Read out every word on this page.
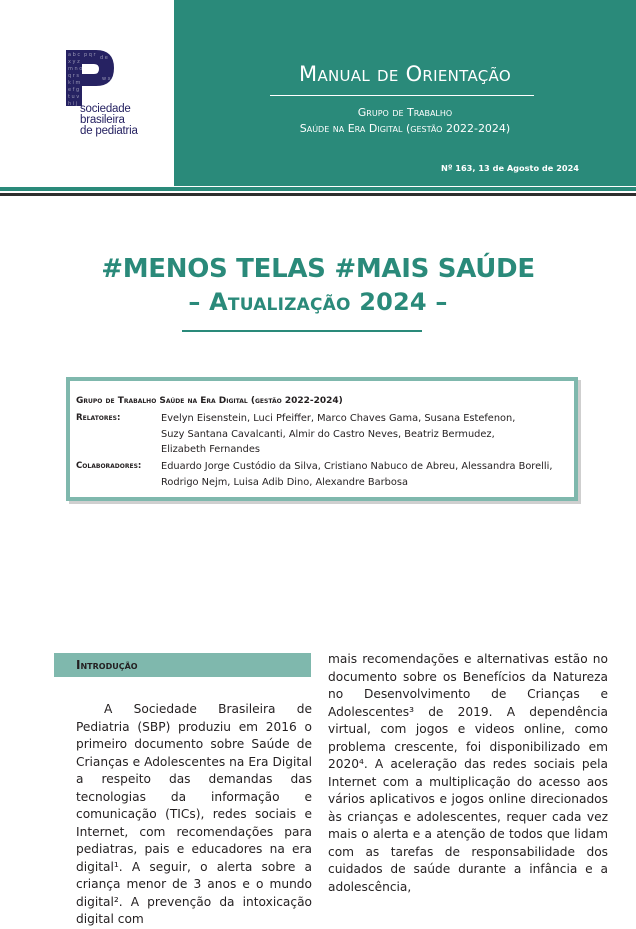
a b c
x y z
m n o
q r s
k l m
e f g
t u v
h i j
p q r d e
w x
sociedade
brasileira
de pediatria
Manual de Orientação
Grupo de Trabalho
Saúde na Era Digital (gestão 2022-2024)
Nº 163, 13 de Agosto de 2024
#MENOS TELAS #MAIS SAÚDE
– Atualização 2024 –
Grupo de Trabalho Saúde na Era Digital (gestão 2022-2024)
Relatores:	Evelyn Eisenstein, Luci Pfeiffer, Marco Chaves Gama, Susana Estefenon,
Suzy Santana Cavalcanti, Almir do Castro Neves, Beatriz Bermudez,
Elizabeth Fernandes
Colaboradores: Eduardo Jorge Custódio da Silva, Cristiano Nabuco de Abreu, Alessandra Borelli,
Rodrigo Nejm, Luisa Adib Dino, Alexandre Barbosa
Introdução

A Sociedade Brasileira de Pediatria (SBP) produziu em 2016 o primeiro documento sobre Saúde de Crianças e Adolescentes na Era Digital a respeito das demandas das tecnologias da informação e comunicação (TICs), redes sociais e Internet, com recomendações para pediatras, pais e educadores na era digital¹. A seguir, o alerta sobre a criança menor de 3 anos e o mundo digital². A prevenção da intoxicação digital com

mais recomendações e alternativas estão no documento sobre os Benefícios da Natureza no Desenvolvimento de Crianças e Adolescentes³ de 2019. A dependência virtual, com jogos e videos online, como problema crescente, foi disponibilizado em 2020⁴. A aceleração das redes sociais pela Internet com a multiplicação do acesso aos vários aplicativos e jogos online direcionados às crianças e adolescentes, requer cada vez mais o alerta e a atenção de todos que lidam com as tarefas de responsabilidade dos cuidados de saúde durante a infância e a adolescência,
